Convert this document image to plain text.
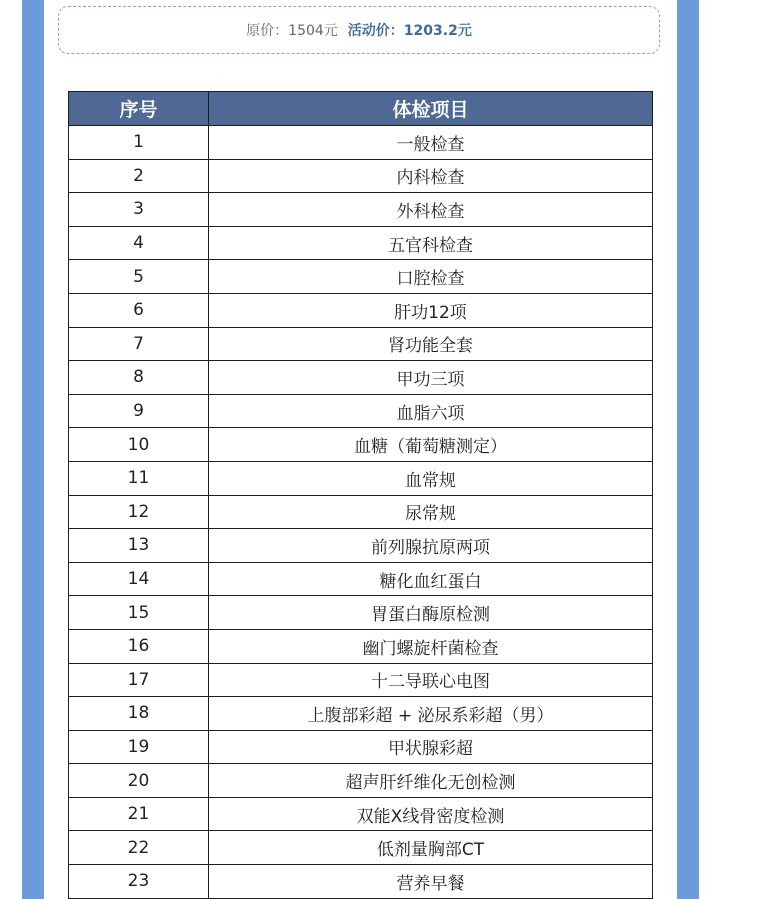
原价： 1504元 活动价： 1203.2元
序号	体检项目
1	一般检查
2	内科检查
3	外科检查
4	五官科检查
5	口腔检查
6	肝功12项
7	肾功能全套
8	甲功三项
9	血脂六项
10	血糖（葡萄糖测定）
11	血常规
12	尿常规
13	前列腺抗原两项
14	糖化血红蛋白
15	胃蛋白酶原检测
16	幽门螺旋杆菌检查
17	十二导联心电图
18	上腹部彩超 + 泌尿系彩超（男）
19	甲状腺彩超
20	超声肝纤维化无创检测
21	双能X线骨密度检测
22	低剂量胸部CT
23	营养早餐
